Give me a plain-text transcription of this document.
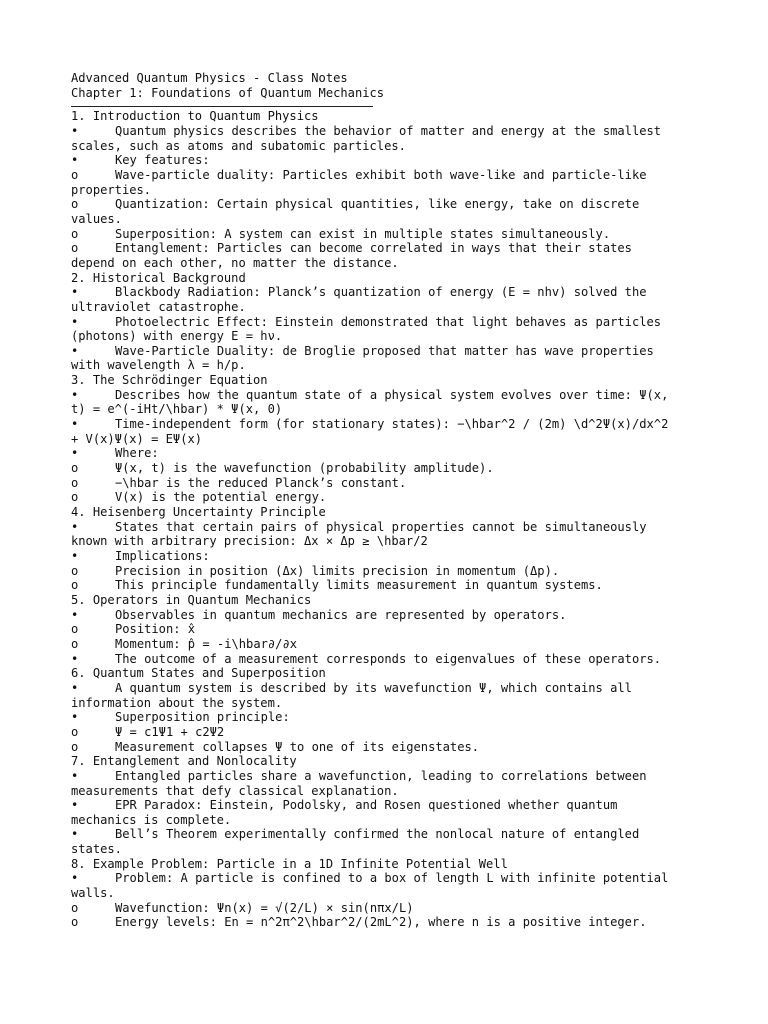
Advanced Quantum Physics - Class Notes
Chapter 1: Foundations of Quantum Mechanics
1. Introduction to Quantum Physics
•	Quantum physics describes the behavior of matter and energy at the smallest
scales, such as atoms and subatomic particles.
•	Key features:
o	Wave-particle duality: Particles exhibit both wave-like and particle-like
properties.
o	Quantization: Certain physical quantities, like energy, take on discrete
values.
o	Superposition: A system can exist in multiple states simultaneously.
o	Entanglement: Particles can become correlated in ways that their states
depend on each other, no matter the distance.
2. Historical Background
•	Blackbody Radiation: Planck’s quantization of energy (E = nhv) solved the
ultraviolet catastrophe.
•	Photoelectric Effect: Einstein demonstrated that light behaves as particles
(photons) with energy E = hν.
•	Wave-Particle Duality: de Broglie proposed that matter has wave properties
with wavelength λ = h/p.
3. The Schrödinger Equation
•	Describes how the quantum state of a physical system evolves over time: Ψ(x,
t) = e^(-iHt/\hbar) * Ψ(x, 0)
•	Time-independent form (for stationary states): −\hbar^2 / (2m) \d^2Ψ(x)/dx^2
+ V(x)Ψ(x) = EΨ(x)
•	Where:
o	Ψ(x, t) is the wavefunction (probability amplitude).
o	−\hbar is the reduced Planck’s constant.
o	V(x) is the potential energy.
4. Heisenberg Uncertainty Principle
•	States that certain pairs of physical properties cannot be simultaneously
known with arbitrary precision: Δx × Δp ≥ \hbar/2
•	Implications:
o	Precision in position (Δx) limits precision in momentum (Δp).
o	This principle fundamentally limits measurement in quantum systems.
5. Operators in Quantum Mechanics
•	Observables in quantum mechanics are represented by operators.
o	Position: x̂
o	Momentum: p̂ = -i\hbar∂/∂x
•	The outcome of a measurement corresponds to eigenvalues of these operators.
6. Quantum States and Superposition
•	A quantum system is described by its wavefunction Ψ, which contains all
information about the system.
•	Superposition principle:
o	Ψ = c1Ψ1 + c2Ψ2
o	Measurement collapses Ψ to one of its eigenstates.
7. Entanglement and Nonlocality
•	Entangled particles share a wavefunction, leading to correlations between
measurements that defy classical explanation.
•	EPR Paradox: Einstein, Podolsky, and Rosen questioned whether quantum
mechanics is complete.
•	Bell’s Theorem experimentally confirmed the nonlocal nature of entangled
states.
8. Example Problem: Particle in a 1D Infinite Potential Well
•	Problem: A particle is confined to a box of length L with infinite potential
walls.
o	Wavefunction: Ψn(x) = √(2/L) × sin(nπx/L)
o	Energy levels: En = n^2π^2\hbar^2/(2mL^2), where n is a positive integer.
